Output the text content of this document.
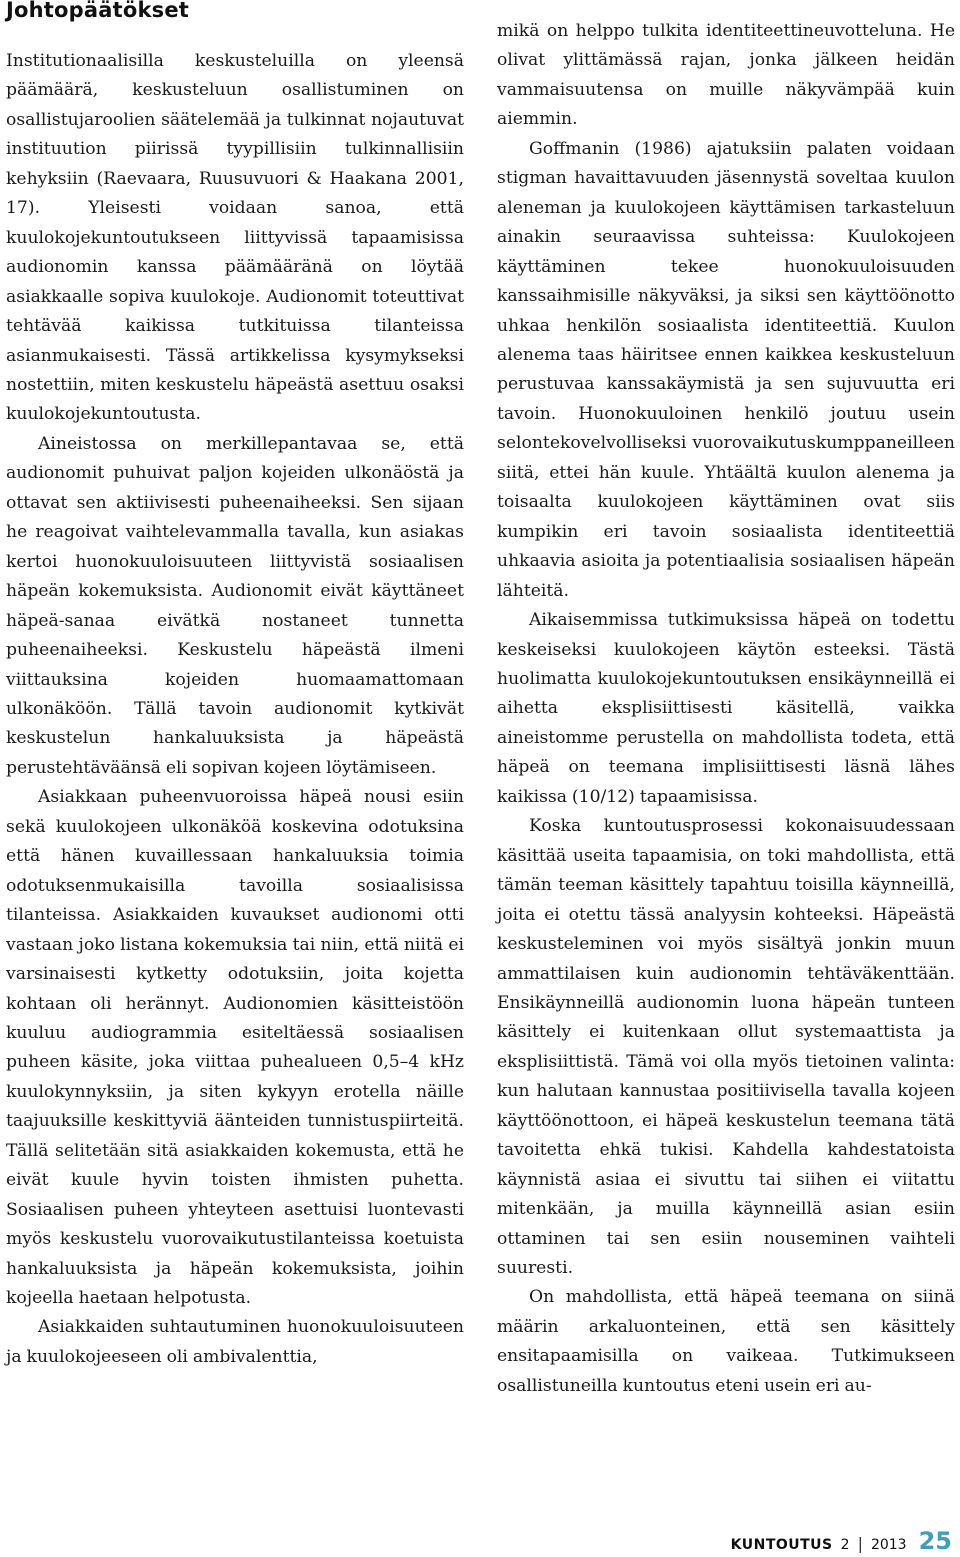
Johtopäätökset

Institutionaalisilla keskusteluilla on yleensä päämäärä, keskusteluun osallistuminen on osallistujaroolien säätelemää ja tulkinnat nojautuvat instituution piirissä tyypillisiin tulkinnallisiin kehyksiin (Raevaara, Ruusuvuori & Haakana 2001, 17). Yleisesti voidaan sanoa, että kuulokojekuntoutukseen liittyvissä tapaamisissa audionomin kanssa päämääränä on löytää asiakkaalle sopiva kuulokoje. Audionomit toteuttivat tehtävää kaikissa tutkituissa tilanteissa asianmukaisesti. Tässä artikkelissa kysymykseksi nostettiin, miten keskustelu häpeästä asettuu osaksi kuulokojekuntoutusta.

Aineistossa on merkillepantavaa se, että audionomit puhuivat paljon kojeiden ulkonäöstä ja ottavat sen aktiivisesti puheenaiheeksi. Sen sijaan he reagoivat vaihtelevammalla tavalla, kun asiakas kertoi huonokuuloisuuteen liittyvistä sosiaalisen häpeän kokemuksista. Audionomit eivät käyttäneet häpeä-sanaa eivätkä nostaneet tunnetta puheenaiheeksi. Keskustelu häpeästä ilmeni viittauksina kojeiden huomaamattomaan ulkonäköön. Tällä tavoin audionomit kytkivät keskustelun hankaluuksista ja häpeästä perustehtäväänsä eli sopivan kojeen löytämiseen.

Asiakkaan puheenvuoroissa häpeä nousi esiin sekä kuulokojeen ulkonäköä koskevina odotuksina että hänen kuvaillessaan hankaluuksia toimia odotuksenmukaisilla tavoilla sosiaalisissa tilanteissa. Asiakkaiden kuvaukset audionomi otti vastaan joko listana kokemuksia tai niin, että niitä ei varsinaisesti kytketty odotuksiin, joita kojetta kohtaan oli herännyt. Audionomien käsitteistöön kuuluu audiogrammia esiteltäessä sosiaalisen puheen käsite, joka viittaa puhealueen 0,5–4 kHz kuulokynnyksiin, ja siten kykyyn erotella näille taajuuksille keskittyviä äänteiden tunnistuspiirteitä. Tällä selitetään sitä asiakkaiden kokemusta, että he eivät kuule hyvin toisten ihmisten puhetta. Sosiaalisen puheen yhteyteen asettuisi luontevasti myös keskustelu vuorovaikutustilanteissa koetuista hankaluuksista ja häpeän kokemuksista, joihin kojeella haetaan helpotusta.

Asiakkaiden suhtautuminen huonokuuloisuuteen ja kuulokojeeseen oli ambivalenttia,

mikä on helppo tulkita identiteettineuvotteluna. He olivat ylittämässä rajan, jonka jälkeen heidän vammaisuutensa on muille näkyvämpää kuin aiemmin.

Goffmanin (1986) ajatuksiin palaten voidaan stigman havaittavuuden jäsennystä soveltaa kuulon aleneman ja kuulokojeen käyttämisen tarkasteluun ainakin seuraavissa suhteissa: Kuulokojeen käyttäminen tekee huonokuuloisuuden kanssaihmisille näkyväksi, ja siksi sen käyttöönotto uhkaa henkilön sosiaalista identiteettiä. Kuulon alenema taas häiritsee ennen kaikkea keskusteluun perustuvaa kanssakäymistä ja sen sujuvuutta eri tavoin. Huonokuuloinen henkilö joutuu usein selontekovelvolliseksi vuorovaikutuskumppaneilleen siitä, ettei hän kuule. Yhtäältä kuulon alenema ja toisaalta kuulokojeen käyttäminen ovat siis kumpikin eri tavoin sosiaalista identiteettiä uhkaavia asioita ja potentiaalisia sosiaalisen häpeän lähteitä.

Aikaisemmissa tutkimuksissa häpeä on todettu keskeiseksi kuulokojeen käytön esteeksi. Tästä huolimatta kuulokojekuntoutuksen ensikäynneillä ei aihetta eksplisiittisesti käsitellä, vaikka aineistomme perustella on mahdollista todeta, että häpeä on teemana implisiittisesti läsnä lähes kaikissa (10/12) tapaamisissa.

Koska kuntoutusprosessi kokonaisuudessaan käsittää useita tapaamisia, on toki mahdollista, että tämän teeman käsittely tapahtuu toisilla käynneillä, joita ei otettu tässä analyysin kohteeksi. Häpeästä keskusteleminen voi myös sisältyä jonkin muun ammattilaisen kuin audionomin tehtäväkenttään. Ensikäynneillä audionomin luona häpeän tunteen käsittely ei kuitenkaan ollut systemaattista ja eksplisiittistä. Tämä voi olla myös tietoinen valinta: kun halutaan kannustaa positiivisella tavalla kojeen käyttöönottoon, ei häpeä keskustelun teemana tätä tavoitetta ehkä tukisi. Kahdella kahdestatoista käynnistä asiaa ei sivuttu tai siihen ei viitattu mitenkään, ja muilla käynneillä asian esiin ottaminen tai sen esiin nouseminen vaihteli suuresti.

On mahdollista, että häpeä teemana on siinä määrin arkaluonteinen, että sen käsittely ensitapaamisilla on vaikeaa. Tutkimukseen osallistuneilla kuntoutus eteni usein eri au-

KUNTOUTUS 2 | 2013 25
